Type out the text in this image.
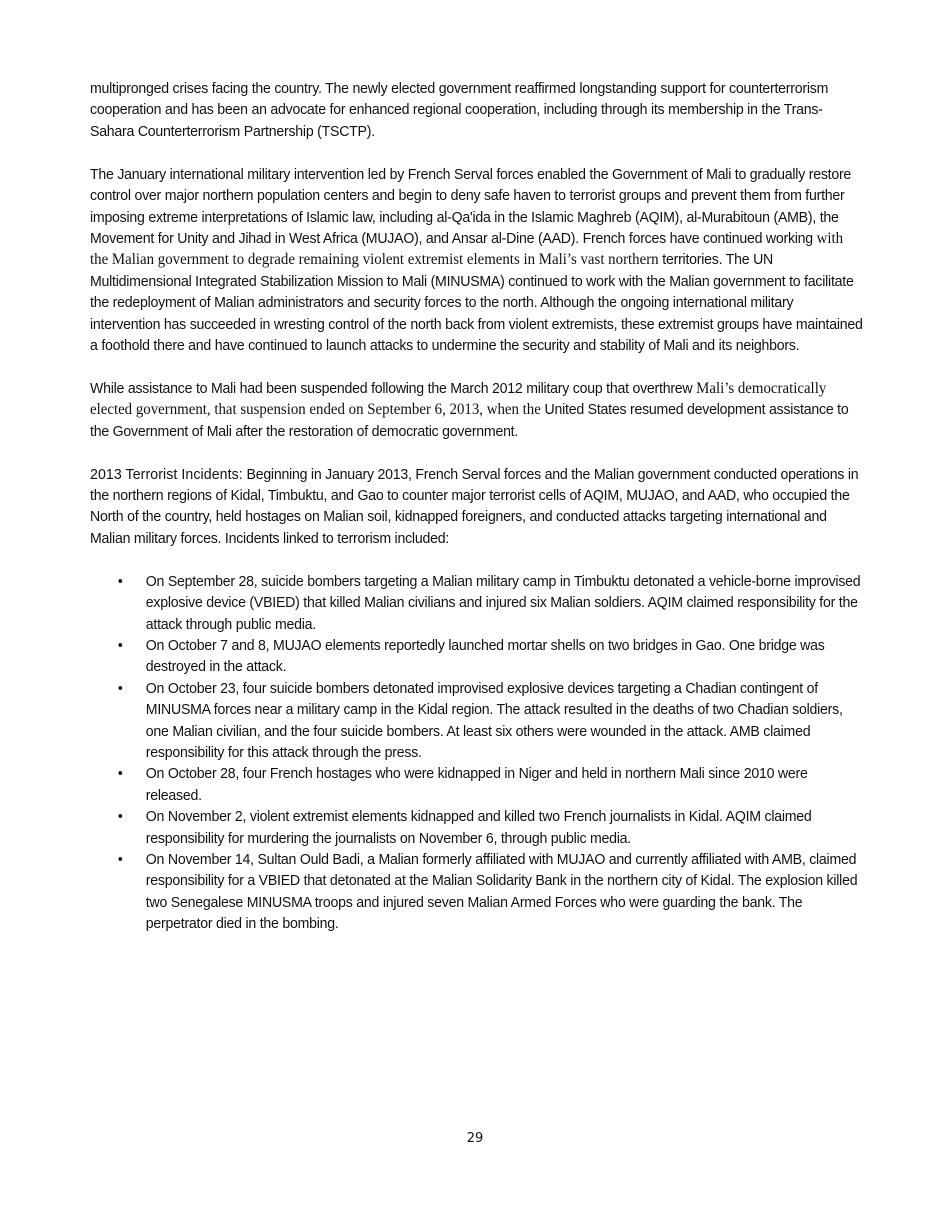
multipronged crises facing the country. The newly elected government reaffirmed longstanding support for counterterrorism cooperation and has been an advocate for enhanced regional cooperation, including through its membership in the Trans-Sahara Counterterrorism Partnership (TSCTP).

The January international military intervention led by French Serval forces enabled the Government of Mali to gradually restore control over major northern population centers and begin to deny safe haven to terrorist groups and prevent them from further imposing extreme interpretations of Islamic law, including al-Qa'ida in the Islamic Maghreb (AQIM), al-Murabitoun (AMB), the Movement for Unity and Jihad in West Africa (MUJAO), and Ansar al-Dine (AAD). French forces have continued working with the Malian government to degrade remaining violent extremist elements in Mali’s vast northern territories. The UN Multidimensional Integrated Stabilization Mission to Mali (MINUSMA) continued to work with the Malian government to facilitate the redeployment of Malian administrators and security forces to the north. Although the ongoing international military intervention has succeeded in wresting control of the north back from violent extremists, these extremist groups have maintained a foothold there and have continued to launch attacks to undermine the security and stability of Mali and its neighbors.

While assistance to Mali had been suspended following the March 2012 military coup that overthrew Mali’s democratically elected government, that suspension ended on September 6, 2013, when the United States resumed development assistance to the Government of Mali after the restoration of democratic government.

2013 Terrorist Incidents: Beginning in January 2013, French Serval forces and the Malian government conducted operations in the northern regions of Kidal, Timbuktu, and Gao to counter major terrorist cells of AQIM, MUJAO, and AAD, who occupied the North of the country, held hostages on Malian soil, kidnapped foreigners, and conducted attacks targeting international and Malian military forces. Incidents linked to terrorism included:

• On September 28, suicide bombers targeting a Malian military camp in Timbuktu detonated a vehicle-borne improvised explosive device (VBIED) that killed Malian civilians and injured six Malian soldiers. AQIM claimed responsibility for the attack through public media.
• On October 7 and 8, MUJAO elements reportedly launched mortar shells on two bridges in Gao. One bridge was destroyed in the attack.
• On October 23, four suicide bombers detonated improvised explosive devices targeting a Chadian contingent of MINUSMA forces near a military camp in the Kidal region. The attack resulted in the deaths of two Chadian soldiers, one Malian civilian, and the four suicide bombers. At least six others were wounded in the attack. AMB claimed responsibility for this attack through the press.
• On October 28, four French hostages who were kidnapped in Niger and held in northern Mali since 2010 were released.
• On November 2, violent extremist elements kidnapped and killed two French journalists in Kidal. AQIM claimed responsibility for murdering the journalists on November 6, through public media.
• On November 14, Sultan Ould Badi, a Malian formerly affiliated with MUJAO and currently affiliated with AMB, claimed responsibility for a VBIED that detonated at the Malian Solidarity Bank in the northern city of Kidal. The explosion killed two Senegalese MINUSMA troops and injured seven Malian Armed Forces who were guarding the bank. The perpetrator died in the bombing.
29
